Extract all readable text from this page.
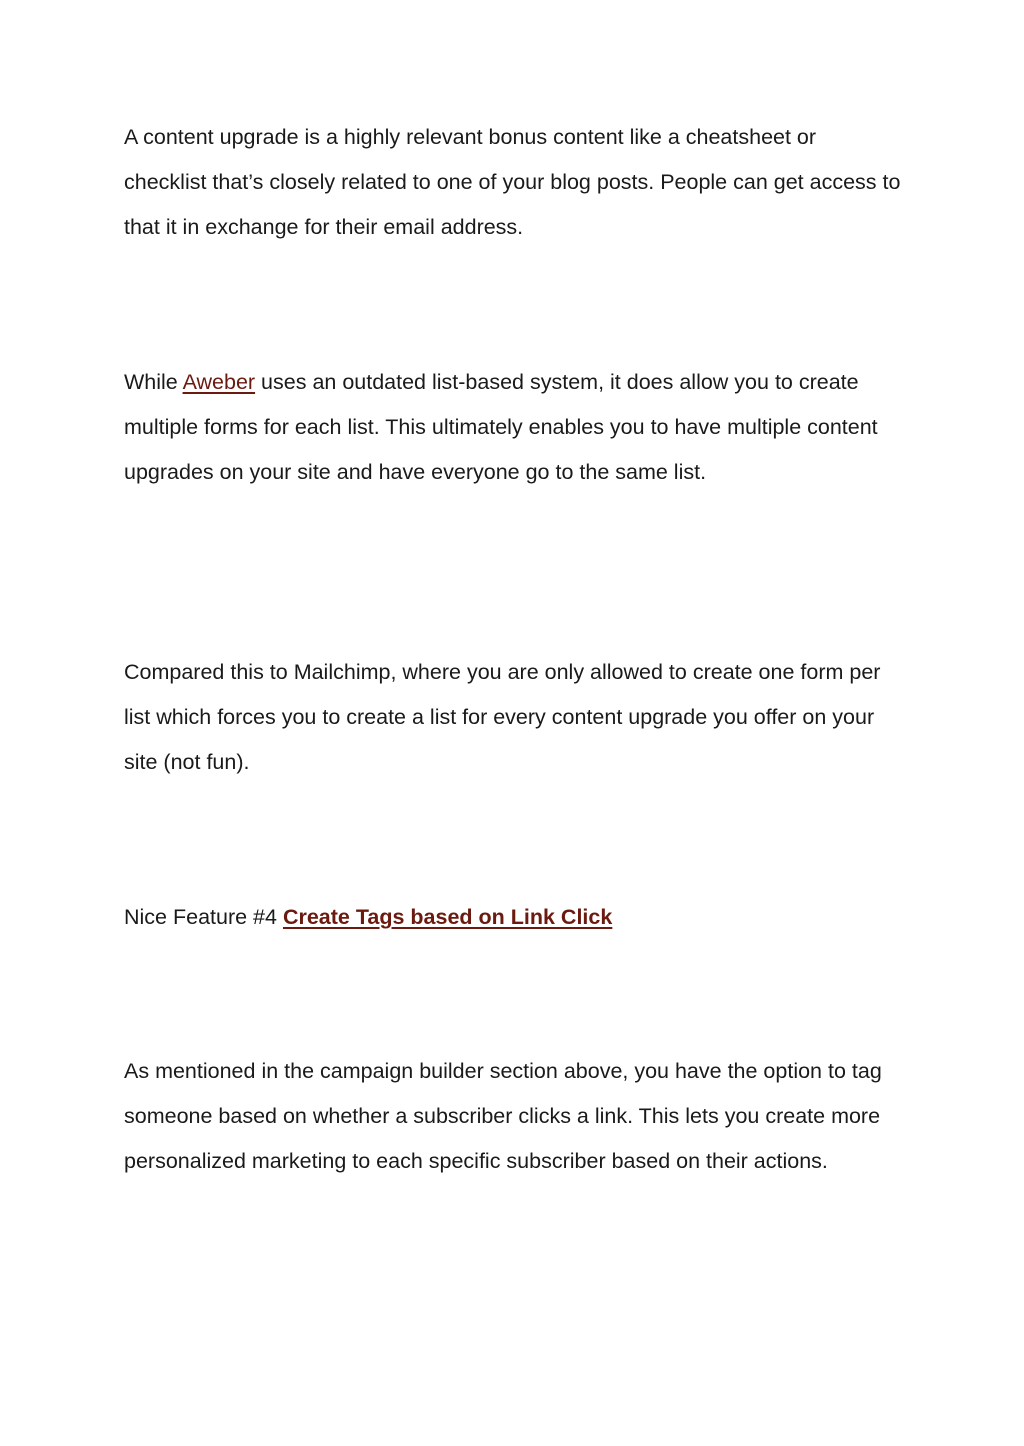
A content upgrade is a highly relevant bonus content like a cheatsheet or checklist that’s closely related to one of your blog posts. People can get access to that it in exchange for their email address.

While Aweber uses an outdated list-based system, it does allow you to create multiple forms for each list. This ultimately enables you to have multiple content upgrades on your site and have everyone go to the same list.

Compared this to Mailchimp, where you are only allowed to create one form per list which forces you to create a list for every content upgrade you offer on your site (not fun).

Nice Feature #4 Create Tags based on Link Click

As mentioned in the campaign builder section above, you have the option to tag someone based on whether a subscriber clicks a link. This lets you create more personalized marketing to each specific subscriber based on their actions.
